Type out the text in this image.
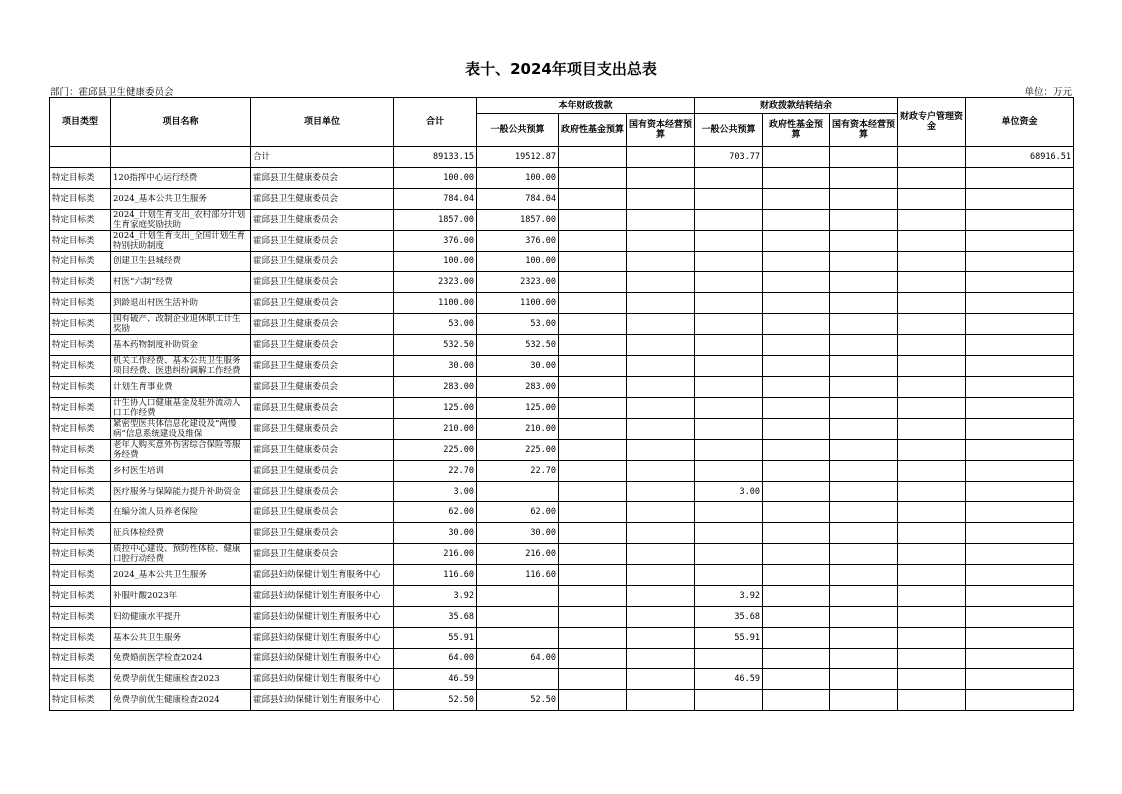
表十、2024年项目支出总表
部门：霍邱县卫生健康委员会	单位：万元
项目类型	项目名称	项目单位	合计	本年财政拨款			财政拨款结转结余			财政专户管理资金	单位资金
				一般公共预算	政府性基金预算	国有资本经营预算	一般公共预算	政府性基金预算	国有资本经营预算		
		合计	89133.15	19512.87			703.77				68916.51
特定目标类	120指挥中心运行经费	霍邱县卫生健康委员会	100.00	100.00							
特定目标类	2024_基本公共卫生服务	霍邱县卫生健康委员会	784.04	784.04							
特定目标类	2024_计划生育支出_农村部分计划生育家庭奖励扶助	霍邱县卫生健康委员会	1857.00	1857.00							
特定目标类	2024_计划生育支出_全国计划生育特别扶助制度	霍邱县卫生健康委员会	376.00	376.00							
特定目标类	创建卫生县城经费	霍邱县卫生健康委员会	100.00	100.00							
特定目标类	村医“六制”经费	霍邱县卫生健康委员会	2323.00	2323.00							
特定目标类	到龄退出村医生活补助	霍邱县卫生健康委员会	1100.00	1100.00							
特定目标类	国有破产、改制企业退休职工计生奖励	霍邱县卫生健康委员会	53.00	53.00							
特定目标类	基本药物制度补助资金	霍邱县卫生健康委员会	532.50	532.50							
特定目标类	机关工作经费、基本公共卫生服务项目经费、医患纠纷调解工作经费	霍邱县卫生健康委员会	30.00	30.00							
特定目标类	计划生育事业费	霍邱县卫生健康委员会	283.00	283.00							
特定目标类	计生协人口健康基金及驻外流动人口工作经费	霍邱县卫生健康委员会	125.00	125.00							
特定目标类	紧密型医共体信息化建设及“两慢病”信息系统建设及维保	霍邱县卫生健康委员会	210.00	210.00							
特定目标类	老年人购买意外伤害综合保险等服务经费	霍邱县卫生健康委员会	225.00	225.00							
特定目标类	乡村医生培训	霍邱县卫生健康委员会	22.70	22.70							
特定目标类	医疗服务与保障能力提升补助资金	霍邱县卫生健康委员会	3.00				3.00				
特定目标类	在编分流人员养老保险	霍邱县卫生健康委员会	62.00	62.00							
特定目标类	征兵体检经费	霍邱县卫生健康委员会	30.00	30.00							
特定目标类	质控中心建设、预防性体检、健康口腔行动经费	霍邱县卫生健康委员会	216.00	216.00							
特定目标类	2024_基本公共卫生服务	霍邱县妇幼保健计划生育服务中心	116.60	116.60							
特定目标类	补服叶酸2023年	霍邱县妇幼保健计划生育服务中心	3.92				3.92				
特定目标类	妇幼健康水平提升	霍邱县妇幼保健计划生育服务中心	35.68				35.68				
特定目标类	基本公共卫生服务	霍邱县妇幼保健计划生育服务中心	55.91				55.91				
特定目标类	免费婚前医学检查2024	霍邱县妇幼保健计划生育服务中心	64.00	64.00							
特定目标类	免费孕前优生健康检查2023	霍邱县妇幼保健计划生育服务中心	46.59				46.59				
特定目标类	免费孕前优生健康检查2024	霍邱县妇幼保健计划生育服务中心	52.50	52.50							
